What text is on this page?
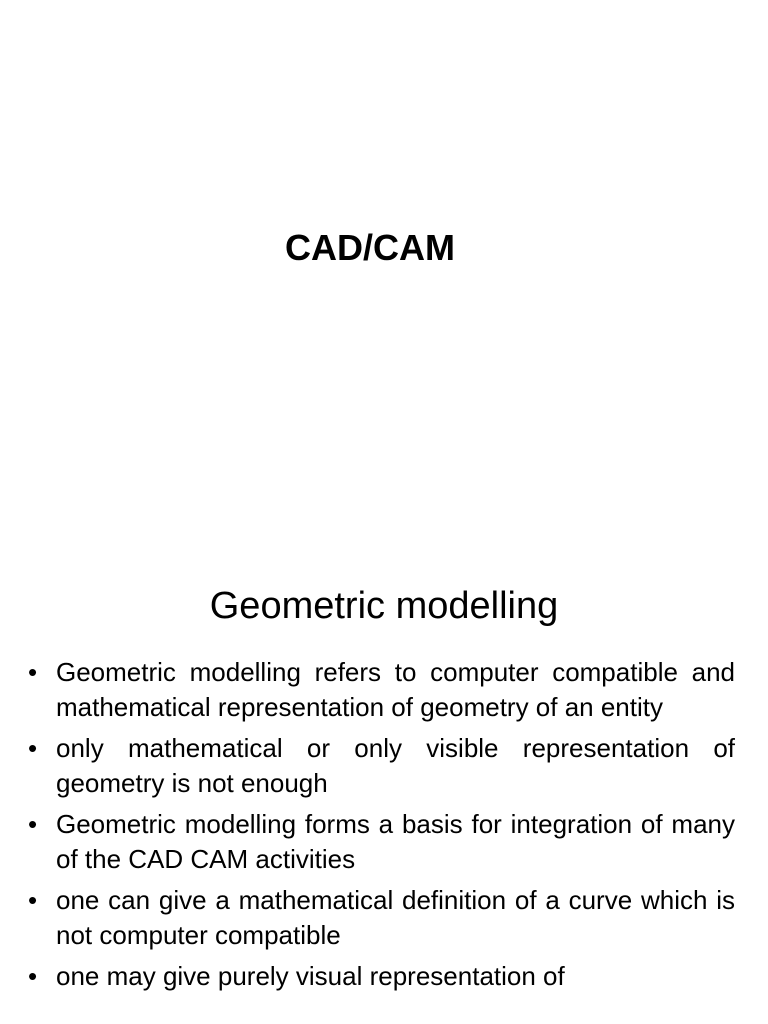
CAD/CAM
Geometric modelling
• Geometric modelling refers to computer compatible and mathematical representation of geometry of an entity
• only mathematical or only visible representation of geometry is not enough
• Geometric modelling forms a basis for integration of many of the CAD CAM activities
• one can give a mathematical definition of a curve which is not computer compatible
• one may give purely visual representation of
